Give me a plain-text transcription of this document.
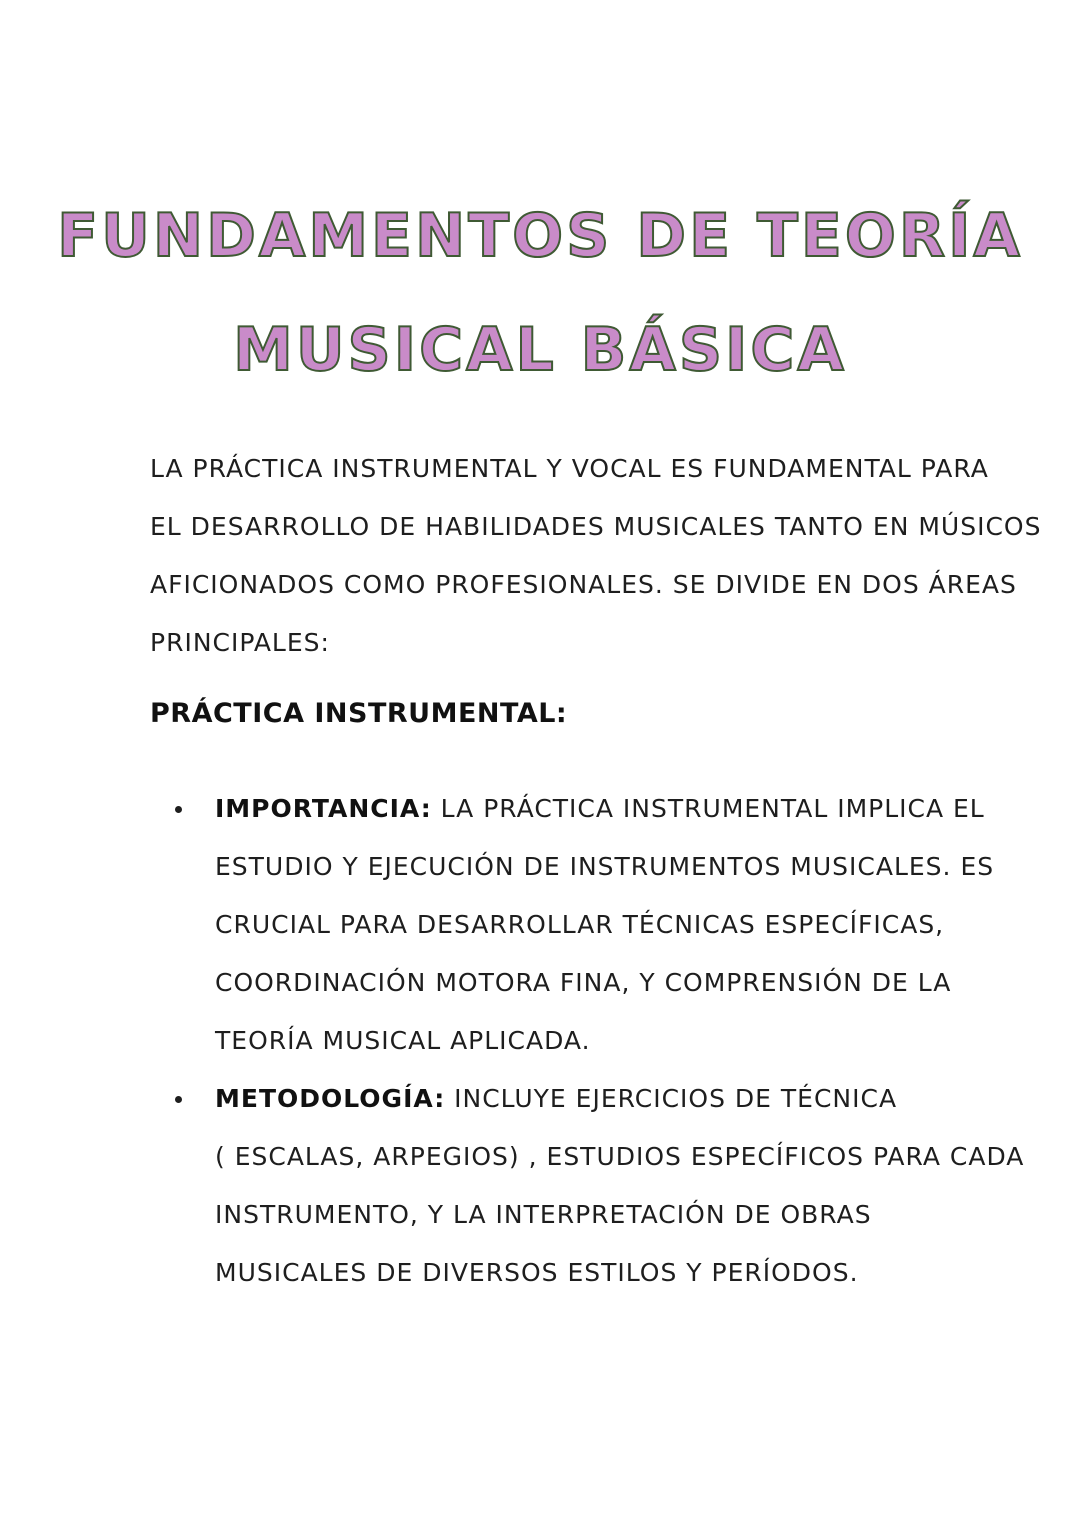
FUNDAMENTOS DE TEORÍA
MUSICAL BÁSICA
LA PRÁCTICA INSTRUMENTAL Y VOCAL ES FUNDAMENTAL PARA
EL DESARROLLO DE HABILIDADES MUSICALES TANTO EN MÚSICOS
AFICIONADOS COMO PROFESIONALES. SE DIVIDE EN DOS ÁREAS
PRINCIPALES:
PRÁCTICA INSTRUMENTAL:
IMPORTANCIA: LA PRÁCTICA INSTRUMENTAL IMPLICA EL
ESTUDIO Y EJECUCIÓN DE INSTRUMENTOS MUSICALES. ES
CRUCIAL PARA DESARROLLAR TÉCNICAS ESPECÍFICAS,
COORDINACIÓN MOTORA FINA, Y COMPRENSIÓN DE LA
TEORÍA MUSICAL APLICADA.
METODOLOGÍA: INCLUYE EJERCICIOS DE TÉCNICA
( ESCALAS, ARPEGIOS) , ESTUDIOS ESPECÍFICOS PARA CADA
INSTRUMENTO, Y LA INTERPRETACIÓN DE OBRAS
MUSICALES DE DIVERSOS ESTILOS Y PERÍODOS.
